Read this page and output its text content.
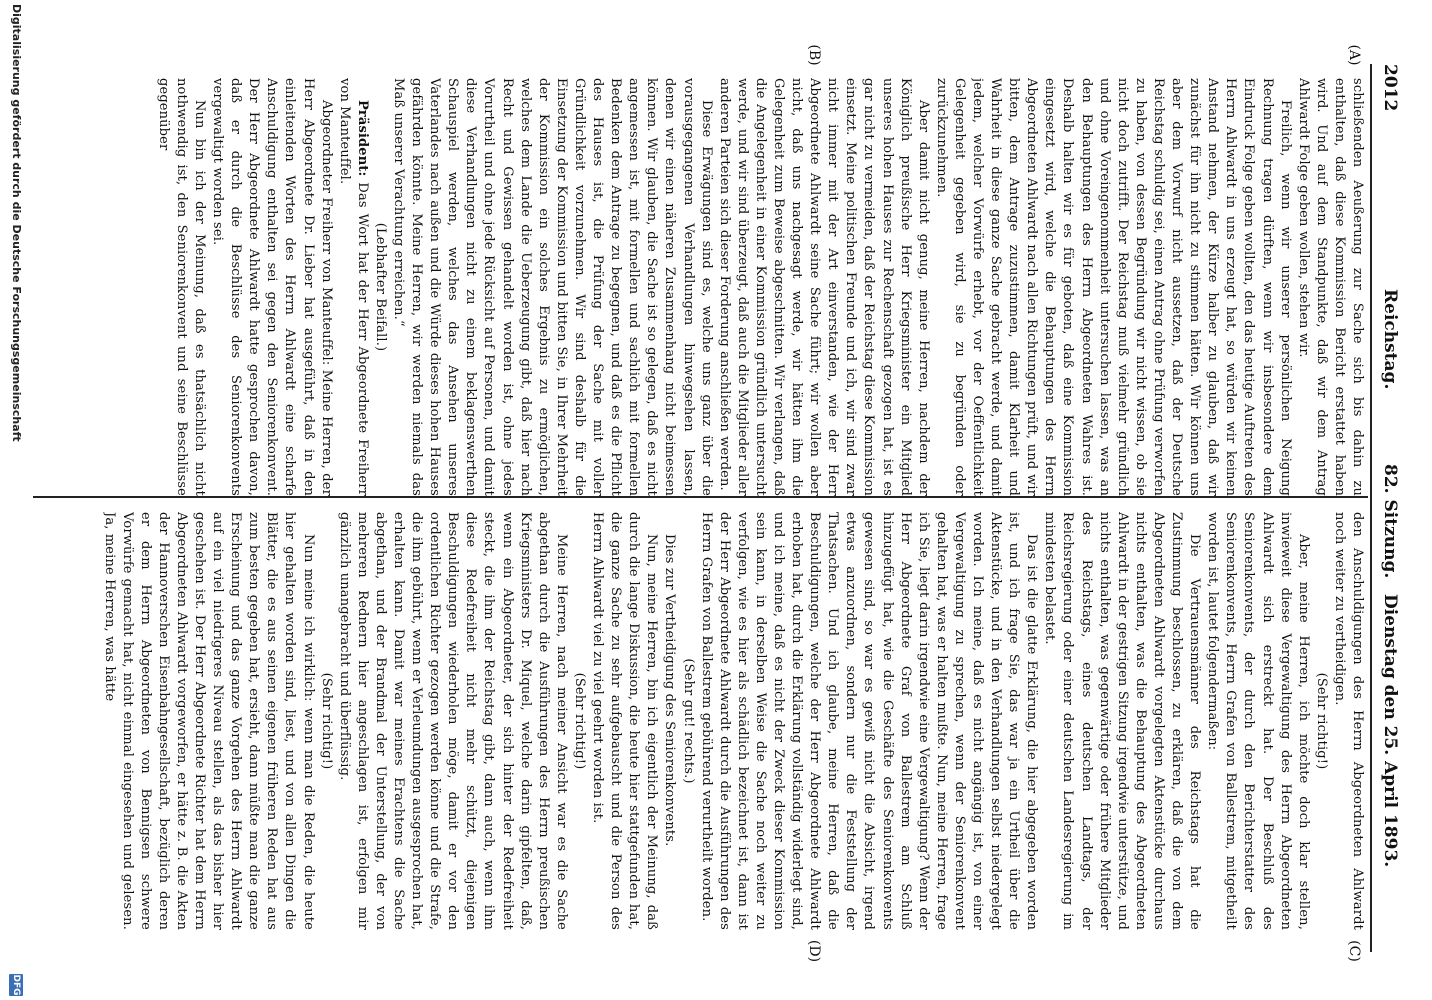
2012
Reichstag.
82. Sitzung.
Dienstag den 25. April 1893.
(A)
(B)
(C)
(D)

schließenden Aeußerung zur Sache sich bis dahin zu enthalten, daß diese Kommission Bericht erstattet haben wird. Und auf dem Standpunkte, daß wir dem Antrag Ahlwardt Folge geben wollen, stehen wir.

Freilich, wenn wir unserer persönlichen Neigung Rechnung tragen dürften, wenn wir insbesondere dem Eindruck Folge geben wollten, den das heutige Auftreten des Herrn Ahlwardt in uns erzeugt hat, so würden wir keinen Anstand nehmen, der Kürze halber zu glauben, daß wir zunächst für ihn nicht zu stimmen hätten. Wir können uns aber dem Vorwurf nicht aussetzen, daß der Deutsche Reichstag schuldig sei, einen Antrag ohne Prüfung verworfen zu haben, von dessen Begründung wir nicht wissen, ob sie nicht doch zutrifft. Der Reichstag muß vielmehr gründlich und ohne Voreingenommenheit untersuchen lassen, was an den Behauptungen des Herrn Abgeordneten Wahres ist. Deshalb halten wir es für geboten, daß eine Kommission eingesetzt wird, welche die Behauptungen des Herrn Abgeordneten Ahlwardt nach allen Richtungen prüft, und wir bitten, dem Antrage zuzustimmen, damit Klarheit und Wahrheit in diese ganze Sache gebracht werde, und damit jedem, welcher Vorwürfe erhebt, vor der Oeffentlichkeit Gelegenheit gegeben wird, sie zu begründen oder zurückzunehmen.

Aber damit nicht genug, meine Herren, nachdem der Königlich preußische Herr Kriegsminister ein Mitglied unseres hohen Hauses zur Rechenschaft gezogen hat, ist es gar nicht zu vermeiden, daß der Reichstag diese Kommission einsetzt. Meine politischen Freunde und ich, wir sind zwar nicht immer mit der Art einverstanden, wie der Herr Abgeordnete Ahlwardt seine Sache führt; wir wollen aber nicht, daß uns nachgesagt werde, wir hätten ihm die Gelegenheit zum Beweise abgeschnitten. Wir verlangen, daß die Angelegenheit in einer Kommission gründlich untersucht werde, und wir sind überzeugt, daß auch die Mitglieder aller anderen Parteien sich dieser Forderung anschließen werden.

Diese Erwägungen sind es, welche uns ganz über die vorausgegangenen Verhandlungen hinwegsehen lassen, denen wir einen näheren Zusammenhang nicht beimessen können. Wir glauben, die Sache ist so gelegen, daß es nicht angemessen ist, mit formellen und sachlich mit formellen Bedenken dem Antrage zu begegnen, und daß es die Pflicht des Hauses ist, die Prüfung der Sache mit voller Gründlichkeit vorzunehmen. Wir sind deshalb für die Einsetzung der Kommission und bitten Sie, in Ihrer Mehrheit der Kommission ein solches Ergebnis zu ermöglichen, welches dem Lande die Ueberzeugung gibt, daß hier nach Recht und Gewissen gehandelt worden ist, ohne jedes Vorurtheil und ohne jede Rücksicht auf Personen, und damit diese Verhandlungen nicht zu einem beklagenswerthen Schauspiel werden, welches das Ansehen unseres Vaterlandes nach außen und die Würde dieses hohen Hauses gefährden könnte. Meine Herren, wir werden niemals das Maß unserer Verachtung erreichen.“

(Lebhafter Beifall.)

Präsident: Das Wort hat der Herr Abgeordnete Freiherr von Manteuffel.

Abgeordneter Freiherr von Manteuffel: Meine Herren, der Herr Abgeordnete Dr. Lieber hat ausgeführt, daß in den einleitenden Worten des Herrn Ahlwardt eine scharfe Anschuldigung enthalten sei gegen den Seniorenkonvent. Der Herr Abgeordnete Ahlwardt hatte gesprochen davon, daß er durch die Beschlüsse des Seniorenkonvents vergewaltigt worden sei.

Nun bin ich der Meinung, daß es thatsächlich nicht nothwendig ist, den Seniorenkonvent und seine Beschlüsse gegenüber

den Anschuldigungen des Herrn Abgeordneten Ahlwardt noch weiter zu vertheidigen.

(Sehr richtig!)

Aber, meine Herren, ich möchte doch klar stellen, inwieweit diese Vergewaltigung des Herrn Abgeordneten Ahlwardt sich erstreckt hat. Der Beschluß des Seniorenkonvents, der durch den Berichterstatter des Seniorenkonvents, Herrn Grafen von Ballestrem, mitgetheilt worden ist, lautet folgendermaßen:

Die Vertrauensmänner des Reichstags hat die Zustimmung beschlossen, zu erklären, daß die von dem Abgeordneten Ahlwardt vorgelegten Aktenstücke durchaus nichts enthalten, was die Behauptung des Abgeordneten Ahlwardt in der gestrigen Sitzung irgendwie unterstütze, und nichts enthalten, was gegenwärtige oder frühere Mitglieder des Reichstags, eines deutschen Landtags, der Reichsregierung oder einer deutschen Landesregierung im mindesten belastet.

Das ist die glatte Erklärung, die hier abgegeben worden ist, und ich frage Sie, das war ja ein Urtheil über die Aktenstücke, und in den Verhandlungen selbst niedergelegt worden. Ich meine, daß es nicht angängig ist, von einer Vergewaltigung zu sprechen, wenn der Seniorenkonvent gehalten hat, was er halten mußte. Nun, meine Herren, frage ich Sie, liegt darin irgendwie eine Vergewaltigung? Wenn der Herr Abgeordnete Graf von Ballestrem am Schluß hinzugefügt hat, wie die Geschäfte des Seniorenkonvents gewesen sind, so war es gewiß nicht die Absicht, irgend etwas anzuordnen, sondern nur die Feststellung der Thatsachen. Und ich glaube, meine Herren, daß die Beschuldigungen, welche der Herr Abgeordnete Ahlwardt erhoben hat, durch die Erklärung vollständig widerlegt sind, und ich meine, daß es nicht der Zweck dieser Kommission sein kann, in derselben Weise die Sache noch weiter zu verfolgen, wie es hier als schädlich bezeichnet ist, dann ist der Herr Abgeordnete Ahlwardt durch die Ausführungen des Herrn Grafen von Ballestrem gebührend verurtheilt worden.

(Sehr gut! rechts.)

Dies zur Vertheidigung des Seniorenkonvents.

Nun, meine Herren, bin ich eigentlich der Meinung, daß durch die lange Diskussion, die heute hier stattgefunden hat, die ganze Sache zu sehr aufgebauscht und die Person des Herrn Ahlwardt viel zu viel geehrt worden ist.

(Sehr richtig!)

Meine Herren, nach meiner Ansicht war es die Sache abgethan durch die Ausführungen des Herrn preußischen Kriegsministers Dr. Miquel, welche darin gipfelten, daß, wenn ein Abgeordneter, der sich hinter der Redefreiheit steckt, die ihm der Reichstag gibt, dann auch, wenn ihm diese Redefreiheit nicht mehr schützt, diejenigen Beschuldigungen wiederholen möge, damit er vor den ordentlichen Richter gezogen werden könne und die Strafe, die ihm gebührt, wenn er Verleumdungen ausgesprochen hat, erhalten kann. Damit war meines Erachtens die Sache abgethan, und der Brandmal der Unterstellung, der von mehreren Rednern hier angeschlagen ist, erfolgen mir gänzlich unangebracht und überflüssig.

(Sehr richtig!)

Nun meine ich wirklich: wenn man die Reden, die heute hier gehalten worden sind, liest, und von allen Dingen die Blätter, die es aus seinen eigenen früheren Reden hat aus zum besten gegeben hat, ersieht, dann müßte man die ganze Erscheinung und das ganze Vorgehen des Herrn Ahlwardt auf ein viel niedrigeres Niveau stellen, als das bisher hier geschehen ist. Der Herr Abgeordnete Richter hat dem Herrn Abgeordneten Ahlwardt vorgeworfen, er hätte z. B. die Akten der Hannoverschen Eisenbahngesellschaft, bezüglich deren er dem Herrn Abgeordneten von Bennigsen schwere Vorwürfe gemacht hat, nicht einmal eingesehen und gelesen. Ja, meine Herren, was hätte

Digitalisierung gefördert durch die Deutsche Forschungsgemeinschaft
DFG
